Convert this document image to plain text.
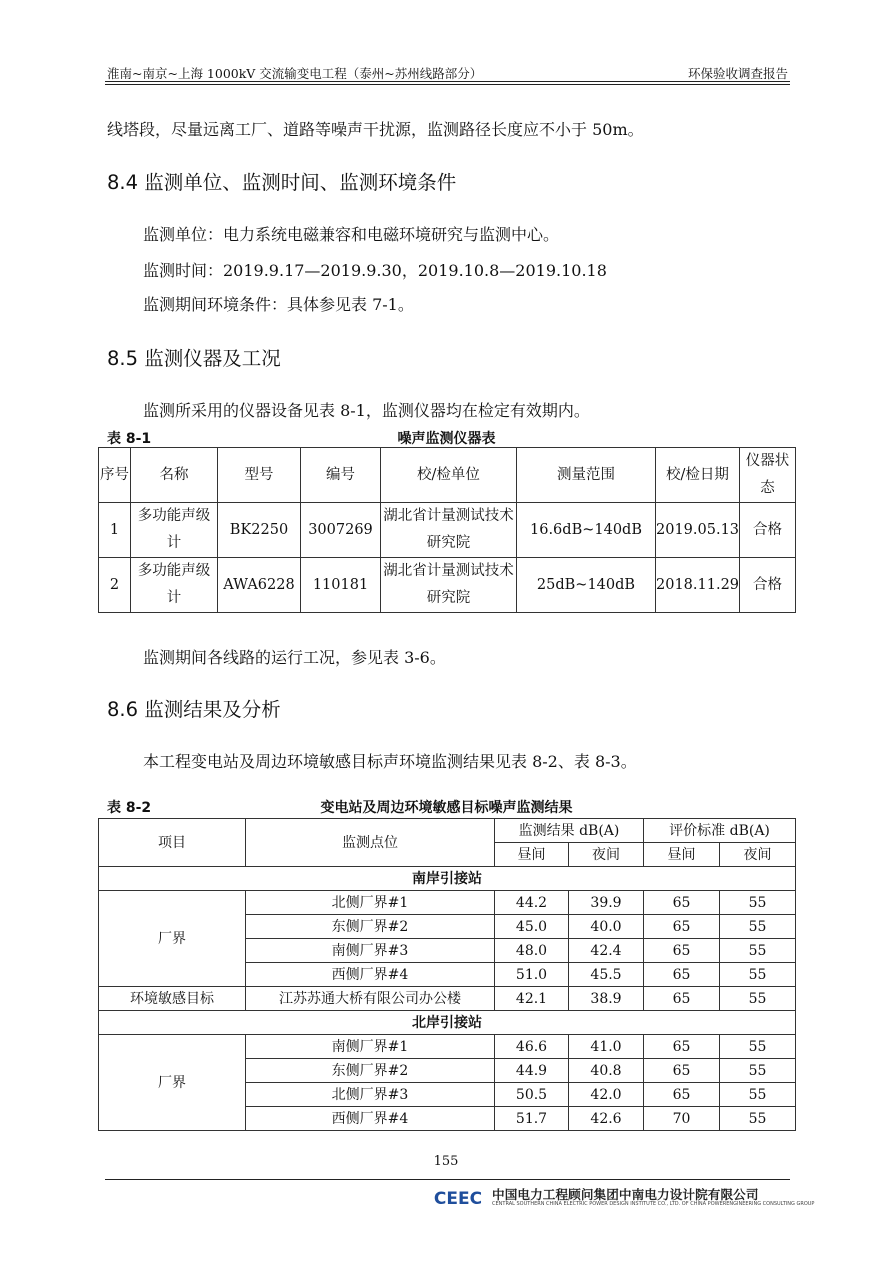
淮南~南京~上海 1000kV 交流输变电工程（泰州~苏州线路部分）	环保验收调查报告
线塔段，尽量远离工厂、道路等噪声干扰源，监测路径长度应不小于 50m。
8.4 监测单位、监测时间、监测环境条件
监测单位：电力系统电磁兼容和电磁环境研究与监测中心。
监测时间：2019.9.17—2019.9.30，2019.10.8—2019.10.18
监测期间环境条件：具体参见表 7-1。
8.5 监测仪器及工况
监测所采用的仪器设备见表 8-1，监测仪器均在检定有效期内。
表 8-1	噪声监测仪器表
序号	名称	型号	编号	校/检单位	测量范围	校/检日期	仪器状态
1	多功能声级计	BK2250	3007269	湖北省计量测试技术研究院	16.6dB~140dB	2019.05.13	合格
2	多功能声级计	AWA6228	110181	湖北省计量测试技术研究院	25dB~140dB	2018.11.29	合格
监测期间各线路的运行工况，参见表 3-6。
8.6 监测结果及分析
本工程变电站及周边环境敏感目标声环境监测结果见表 8-2、表 8-3。
表 8-2	变电站及周边环境敏感目标噪声监测结果
项目	监测点位	监测结果 dB(A)		评价标准 dB(A)	
		昼间	夜间	昼间	夜间
南岸引接站					
厂界	北侧厂界#1	44.2	39.9	65	55
	东侧厂界#2	45.0	40.0	65	55
	南侧厂界#3	48.0	42.4	65	55
	西侧厂界#4	51.0	45.5	65	55
环境敏感目标	江苏苏通大桥有限公司办公楼	42.1	38.9	65	55
北岸引接站					
厂界	南侧厂界#1	46.6	41.0	65	55
	东侧厂界#2	44.9	40.8	65	55
	北侧厂界#3	50.5	42.0	65	55
	西侧厂界#4	51.7	42.6	70	55
155
CEEC 中国电力工程顾问集团中南电力设计院有限公司
CENTRAL SOUTHERN CHINA ELECTRIC POWER DESIGN INSTITUTE CO., LTD. OF CHINA POWERENGINEERING CONSULTING GROUP
